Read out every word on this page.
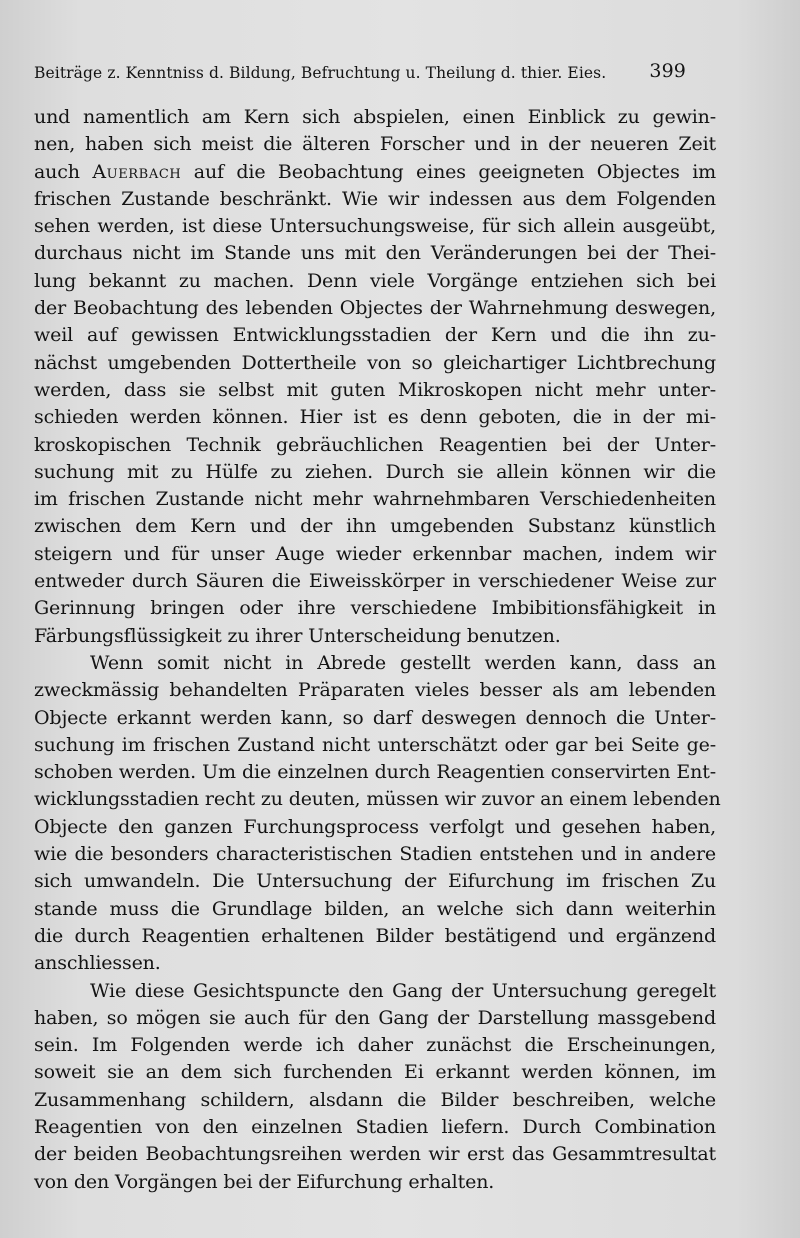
Beiträge z. Kenntniss d. Bildung, Befruchtung u. Theilung d. thier. Eies. 399
und namentlich am Kern sich abspielen, einen Einblick zu gewin-
nen, haben sich meist die älteren Forscher und in der neueren Zeit
auch Auerbach auf die Beobachtung eines geeigneten Objectes im
frischen Zustande beschränkt. Wie wir indessen aus dem Folgenden
sehen werden, ist diese Untersuchungsweise, für sich allein ausgeübt,
durchaus nicht im Stande uns mit den Veränderungen bei der Thei-
lung bekannt zu machen. Denn viele Vorgänge entziehen sich bei
der Beobachtung des lebenden Objectes der Wahrnehmung deswegen,
weil auf gewissen Entwicklungsstadien der Kern und die ihn zu-
nächst umgebenden Dottertheile von so gleichartiger Lichtbrechung
werden, dass sie selbst mit guten Mikroskopen nicht mehr unter-
schieden werden können. Hier ist es denn geboten, die in der mi-
kroskopischen Technik gebräuchlichen Reagentien bei der Unter-
suchung mit zu Hülfe zu ziehen. Durch sie allein können wir die
im frischen Zustande nicht mehr wahrnehmbaren Verschiedenheiten
zwischen dem Kern und der ihn umgebenden Substanz künstlich
steigern und für unser Auge wieder erkennbar machen, indem wir
entweder durch Säuren die Eiweisskörper in verschiedener Weise zur
Gerinnung bringen oder ihre verschiedene Imbibitionsfähigkeit in
Färbungsflüssigkeit zu ihrer Unterscheidung benutzen.
Wenn somit nicht in Abrede gestellt werden kann, dass an
zweckmässig behandelten Präparaten vieles besser als am lebenden
Objecte erkannt werden kann, so darf deswegen dennoch die Unter-
suchung im frischen Zustand nicht unterschätzt oder gar bei Seite ge-
schoben werden. Um die einzelnen durch Reagentien conservirten Ent-
wicklungsstadien recht zu deuten, müssen wir zuvor an einem lebenden
Objecte den ganzen Furchungsprocess verfolgt und gesehen haben,
wie die besonders characteristischen Stadien entstehen und in andere
sich umwandeln. Die Untersuchung der Eifurchung im frischen Zu
stande muss die Grundlage bilden, an welche sich dann weiterhin
die durch Reagentien erhaltenen Bilder bestätigend und ergänzend
anschliessen.
Wie diese Gesichtspuncte den Gang der Untersuchung geregelt
haben, so mögen sie auch für den Gang der Darstellung massgebend
sein. Im Folgenden werde ich daher zunächst die Erscheinungen,
soweit sie an dem sich furchenden Ei erkannt werden können, im
Zusammenhang schildern, alsdann die Bilder beschreiben, welche
Reagentien von den einzelnen Stadien liefern. Durch Combination
der beiden Beobachtungsreihen werden wir erst das Gesammtresultat
von den Vorgängen bei der Eifurchung erhalten.
